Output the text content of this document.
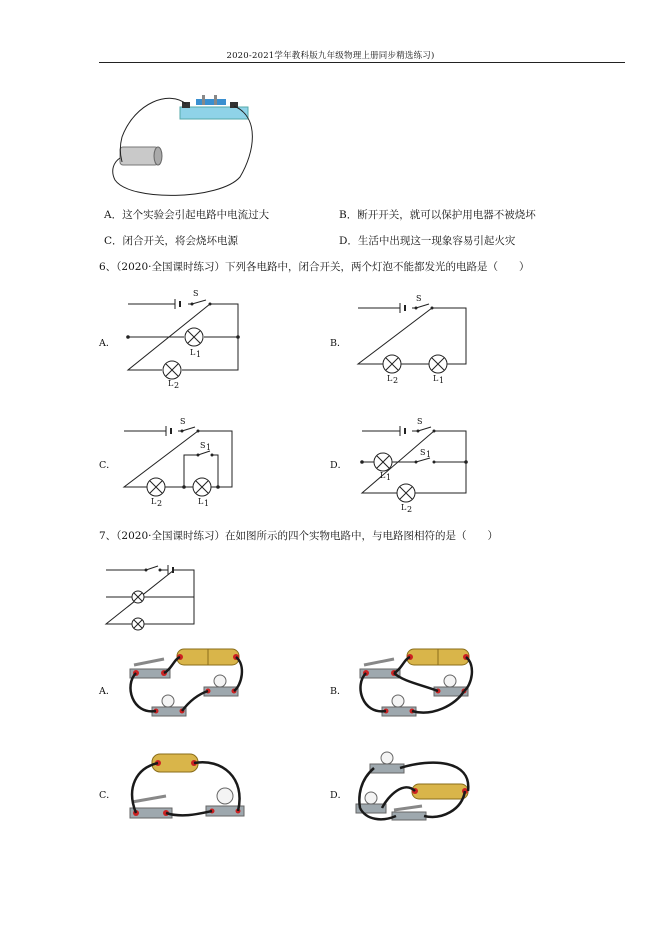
2020-2021学年教科版九年级物理上册同步精选练习)
A．这个实验会引起电路中电流过大	B．断开开关，就可以保护用电器不被烧坏
C．闭合开关，将会烧坏电源	D．生活中出现这一现象容易引起火灾
6、（2020·全国课时练习）下列各电路中，闭合开关，两个灯泡不能都发光的电路是（　　）
A．	B．
C．	D．
S
L 1
L 2
S
L 2	L 1
S
S 1
L 2	L 1
S
S 1
L 1
L 2
7、（2020·全国课时练习）在如图所示的四个实物电路中，与电路图相符的是（　　）
A．	B．
C．	D．
